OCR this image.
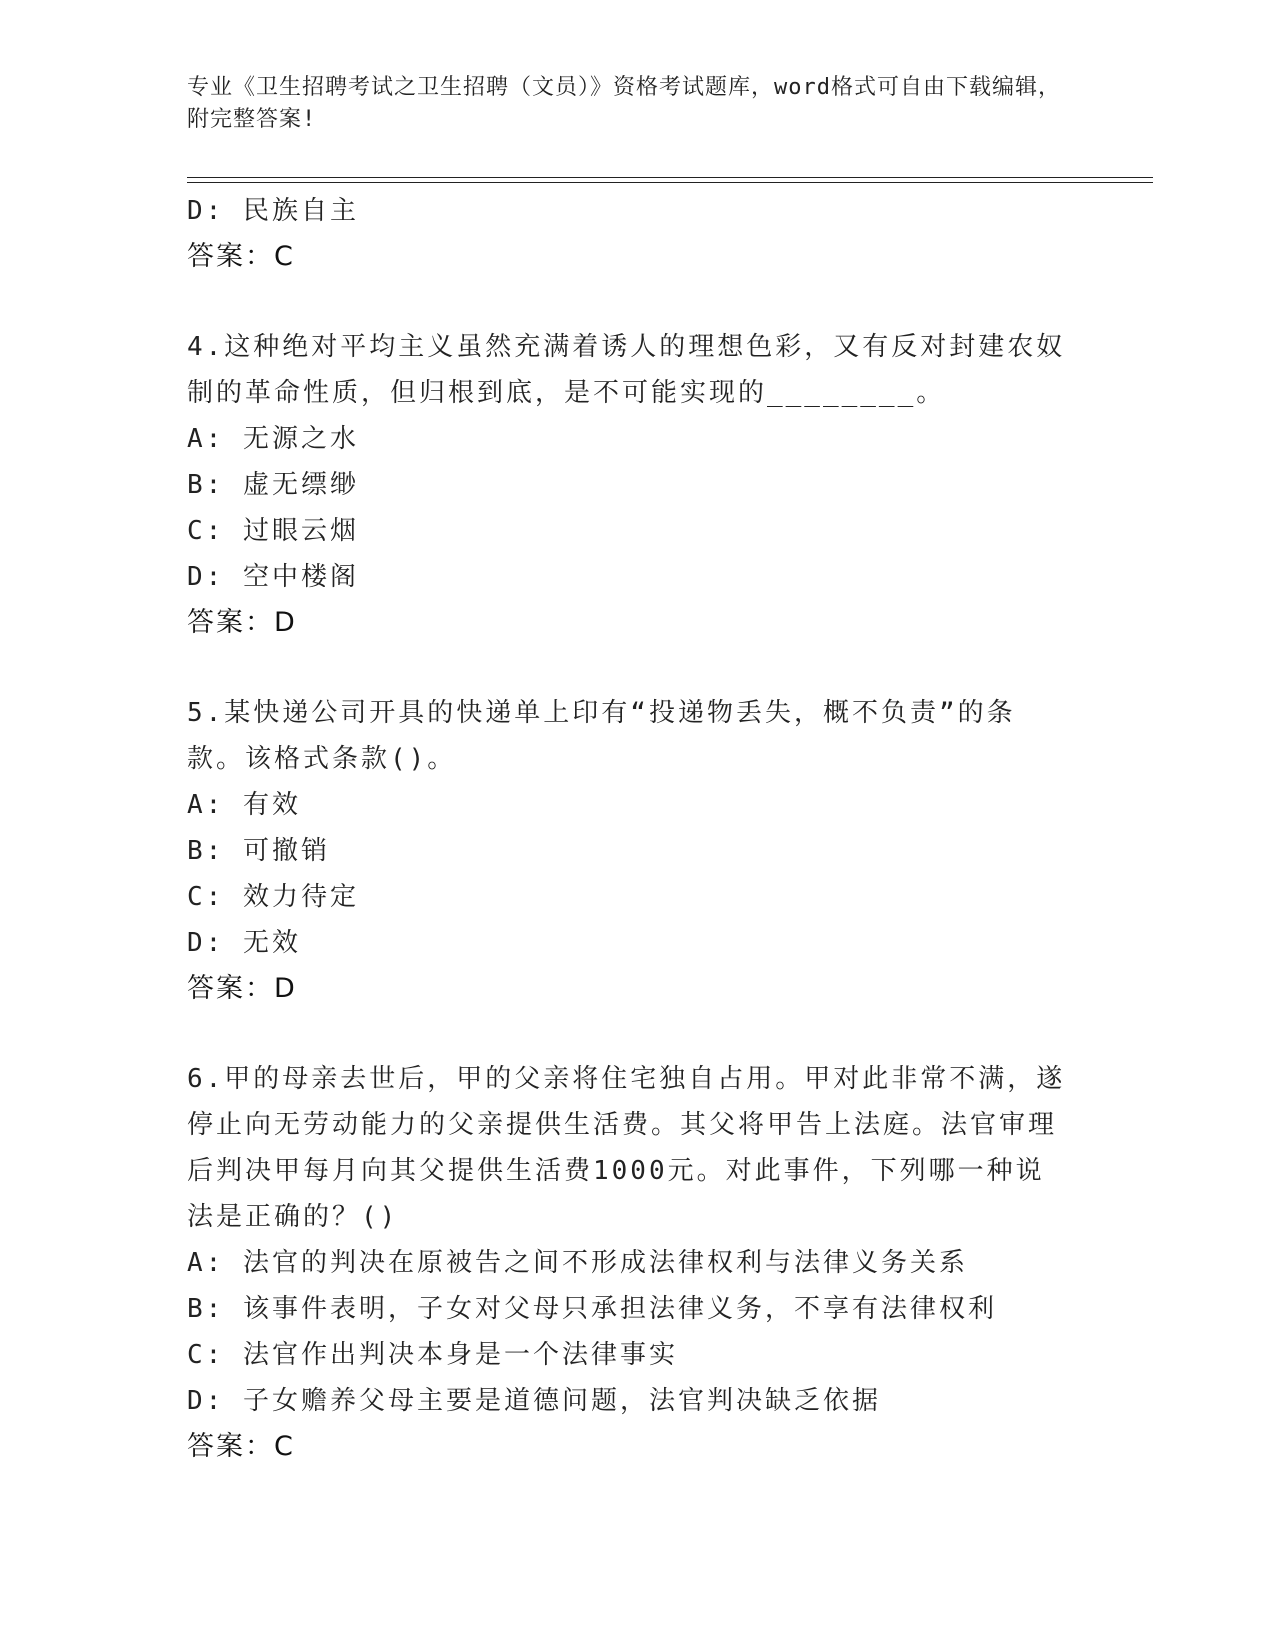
专业《卫生招聘考试之卫生招聘（文员）》资格考试题库，word格式可自由下载编辑，附完整答案!
D: 民族自主
答案：C
4.这种绝对平均主义虽然充满着诱人的理想色彩，又有反对封建农奴制的革命性质，但归根到底，是不可能实现的________。
A: 无源之水
B: 虚无缥缈
C: 过眼云烟
D: 空中楼阁
答案：D
5.某快递公司开具的快递单上印有“投递物丢失，概不负责”的条款。该格式条款()。
A: 有效
B: 可撤销
C: 效力待定
D: 无效
答案：D
6.甲的母亲去世后，甲的父亲将住宅独自占用。甲对此非常不满，遂停止向无劳动能力的父亲提供生活费。其父将甲告上法庭。法官审理后判决甲每月向其父提供生活费1000元。对此事件，下列哪一种说法是正确的？()
A: 法官的判决在原被告之间不形成法律权利与法律义务关系
B: 该事件表明，子女对父母只承担法律义务，不享有法律权利
C: 法官作出判决本身是一个法律事实
D: 子女赡养父母主要是道德问题，法官判决缺乏依据
答案：C
